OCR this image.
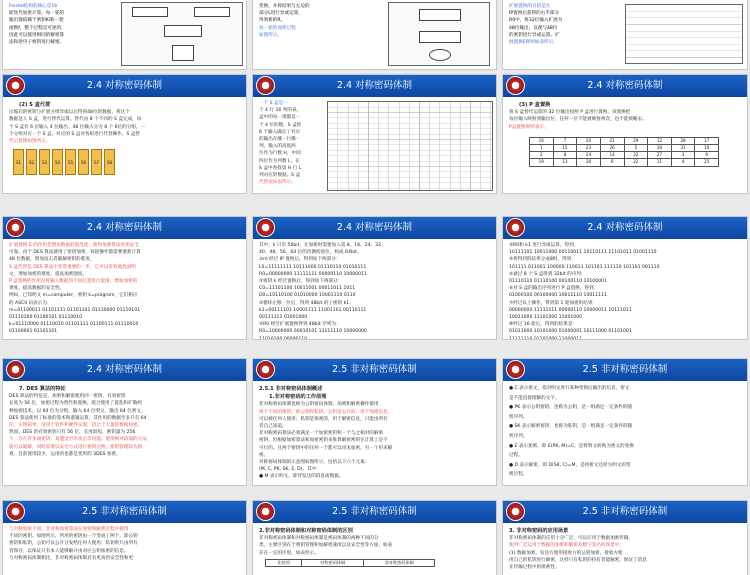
Feistel结构的核心是16
轮迭代加密计算，每一轮的
输出都依赖于密钥Ki和一轮
函数f，整个过程是可逆的，
因此可以使用相同的解密算
法和逆序子密钥进行解密。
变换，并将结果与左边的
部分L进行异或运算，
得到新的R。
每一轮的加密过程
如图所示。
扩展置换的目的是在
IP置换后获得的右半部分
R0中，将32位输入扩展为
48位输出，以便与48位
的密钥进行异或运算。扩
展置换E规则如表所示。
2.4 对称密码体制
(2) S 盒代替
压缩后的密钥与扩展分组异或以后得到48位的数据，将这个
数据送人 S 盒，进行替代运算。替代由 8 个不同的 S 盒完成，每
个 S 盒有 6 位输入 4 位输出。48 位输入分为 8 个 6位的分组，一
个分组对应一个 S 盒，对应的 S 盒对各组进行代替操作。S 盒替
代示意图如图所示。
S1	S2	S3	S4	S5	S6	S7	S8
2.4 对称密码体制
一个 S 盒是一
个 4 行 16 列的表。
盒中的每一项都是一
个 4 位的数。S 盒的
6 个输入确定了对应
的输出在哪一行哪一
列。输入的高低两
位作为行数 H，中间
四位作为列数 L，在
S 盒中查找第 H 行 L
列对应的数据。S 盒
代替表如表所示。
2.4 对称密码体制
(3) P 盒置换
将 S 盒替代运算的 32 位输出按照 P 盒进行置换。该置换把
每位输入映射到输出位，任何一位不能被映射两次，也不能被略去。
P盒置换规则表示。
16	7	20	21	29	12	28	17
1	15	23	26	5	18	31	10
2	8	24	14	32	27	3	9
19	13	30	6	22	11	4	25
2.4 对称密码体制
扩展置换 E 的作用是增加数据的混乱度，使得加密算法更加安全
可靠。由于 DES 算法使用了密钥加密，每轮操作都需要重新计算
48 位数据，增加攻击者破解密钥的难度。
S 盒代替是 DES 算法中非常重要的一步，它可以有效地混淆明
文，增加加密的难度，提高加密强度。
P 盒置换的作用是将输入数据的不同位置进行混淆，增加加密的
难度，提高数据的安全性。
例如，已知明文 m=computer，密钥 k=program，它们相应
的 ASCII 码表示为：
m=01100011 01101111 01101101 01110000 01110101
01110100 01100101 01110010
k=01110000 01110010 01101111 01100111 01110010
01100001 01101101
2.4 对称密码体制
其中，k 只有 56bit，在加密时需要加入第 8、16、24、32、
40、48、56、64 位的奇偶校验位，构成 64bit。
①m 经过 IP 置换后，得到如下两部分：
L0=11111111 10111000 01110110 01010111
R0=00000000 11111111 00000110 10000011
②密钥 k 经过置换后，得到如下两部分：
C0=11101100 10011001 00011011 1011
D0=10110100 01010000 10001110 0110
③循环左移一位后，得到 48bit 的子密钥 k1：
k1=00111101 10001111 11001101 00110111
00111111 01001000
④R0 经过扩展置换得到 48bit 序列为：
R0=10000000 00010101 11111110 10000000
11010100 00000110
2.4 对称密码体制
③R0和 k1 进行异或运算，得到：
10111101 10011000 00110011 10110111 11101011 01001110
④将得到的结果分成8组，得到：
101111 011001 100000 110011 101101 111110 101101 001110
⑤通过 8 个 S 盒得到 32bit 的序列：
01110110 01110100 00100110 10100001
⑥对 S 盒的输出序列进行 P 盒置换，得到：
01000100 00100000 10011110 10011111
⑦经过以上操作，得到第 1 轮加密的结果：
00000000 11111111 00000110 10000011 10111011
10011000 11101000 11001000
⑧经过 16 轮后，得到的结果是：
01011000 10101000 01000001 10111000 01101001
11111110 01101000 11000011
2.4 对称密码体制
7. DES 算法的特征
DES 算法的特征是，加密和解密使用同一密钥。有效密钥
长度为 56 位，加密过程为替代和置换。混合使用了置乱和扩散两
种加密技术，以 64 位为分组，输入 64 位明文，输出 64 位密文。
DES 算法使用了标准的算术和逻辑运算，其作用的数据至多只有 64
位。实现简单，适用于软件和硬件实现，适合于大量的数据加密。
然而，DES 的有效密钥只有 56 位，长度较短，密钥量为 256
个，存在许多弱密钥、易遭受穷举攻击等问题。使用相对较弱的方法
就可以破解，同时需要以安全方式进行密钥交换，密钥管理较为困
难。目前使用较少，运用的也都是变形的 3DES 加密。
2.5 非对称密码体制
2.5.1 非对称密码体制概述
1.非对称密码的工作原理
非对称密码体制也称为公钥密码体制，加密和解密操作使用
两个不同的密钥，即公钥和私钥，公钥是公开的，用于加密信息，
可以被任何人使用；私钥是保密的，用于解密信息，只能由所有
者自己知道。
非对称密码算法必须满足一个加密密钥和一个与之相对的解密
密钥，但根据加密算法和加密密钥来推算解密密钥在计算上是不
可行的。且两个密钥中的任何一个都可以用来加密，另一个用来解
密。
对称密码体制的示意图如图所示，包括以下六个元素：
(M, C, PK, SK, E, D)。其中：
● M 表示明文，即待发送的消息或数据。
2.5 非对称密码体制
● C 表示密文，指对明文进行某种变换后输出的信息，密文
是不能直接理解的文字。
● PK 表示公钥密钥，也称为公钥，是一组满足一定条件的随
机序列。
● SK 表示解密密钥，也称为私钥，是一组满足一定条件的随
机序列。
● E 表示加密，即 E(PK, M)=C，是将明文转换为密文的变换
过程。
● D 表示解密，即 D(SK, C)=M，是将密文还原为明文的变
换过程。
2.5 非对称密码体制
与对称加密不同，非对称加密算法在加密和解密过程中使用
不同的密钥。如图所示，所用的密钥由一个变成了两个，即公钥
密钥和私钥，公钥可以公开分发给任何人使用；私钥则只由所有
者保存，以保证只有本人能够解开由对应公钥加密的信息。
与对称密码体制相比，非对称密码体制具有更高的安全性和更
2.5 非对称密码体制
2.非对称密码体制和对称密码体制的区别
非对称密码体制和对称密码体制是密码体制的两种不同的分
类，主要区别在于密钥管理和加解密速度以及安全性等方面，如表
存在一定的区别，如表所示。
比较项	对称密码体制	非对称密码体制
2.5 非对称密码体制
3. 非对称密码的应用场景
非对称密码体制的应用十分广泛，可以应用于数据加密传输、
使用广泛运用于数据的加密和解密及数字签名的场景中。
(1) 数据加密。发送方使用接收方的公钥加密，接收方使
用自己的私钥进行解密，这样只有私钥的持有者能解密，保证了消息
在传输过程中的保密性。
